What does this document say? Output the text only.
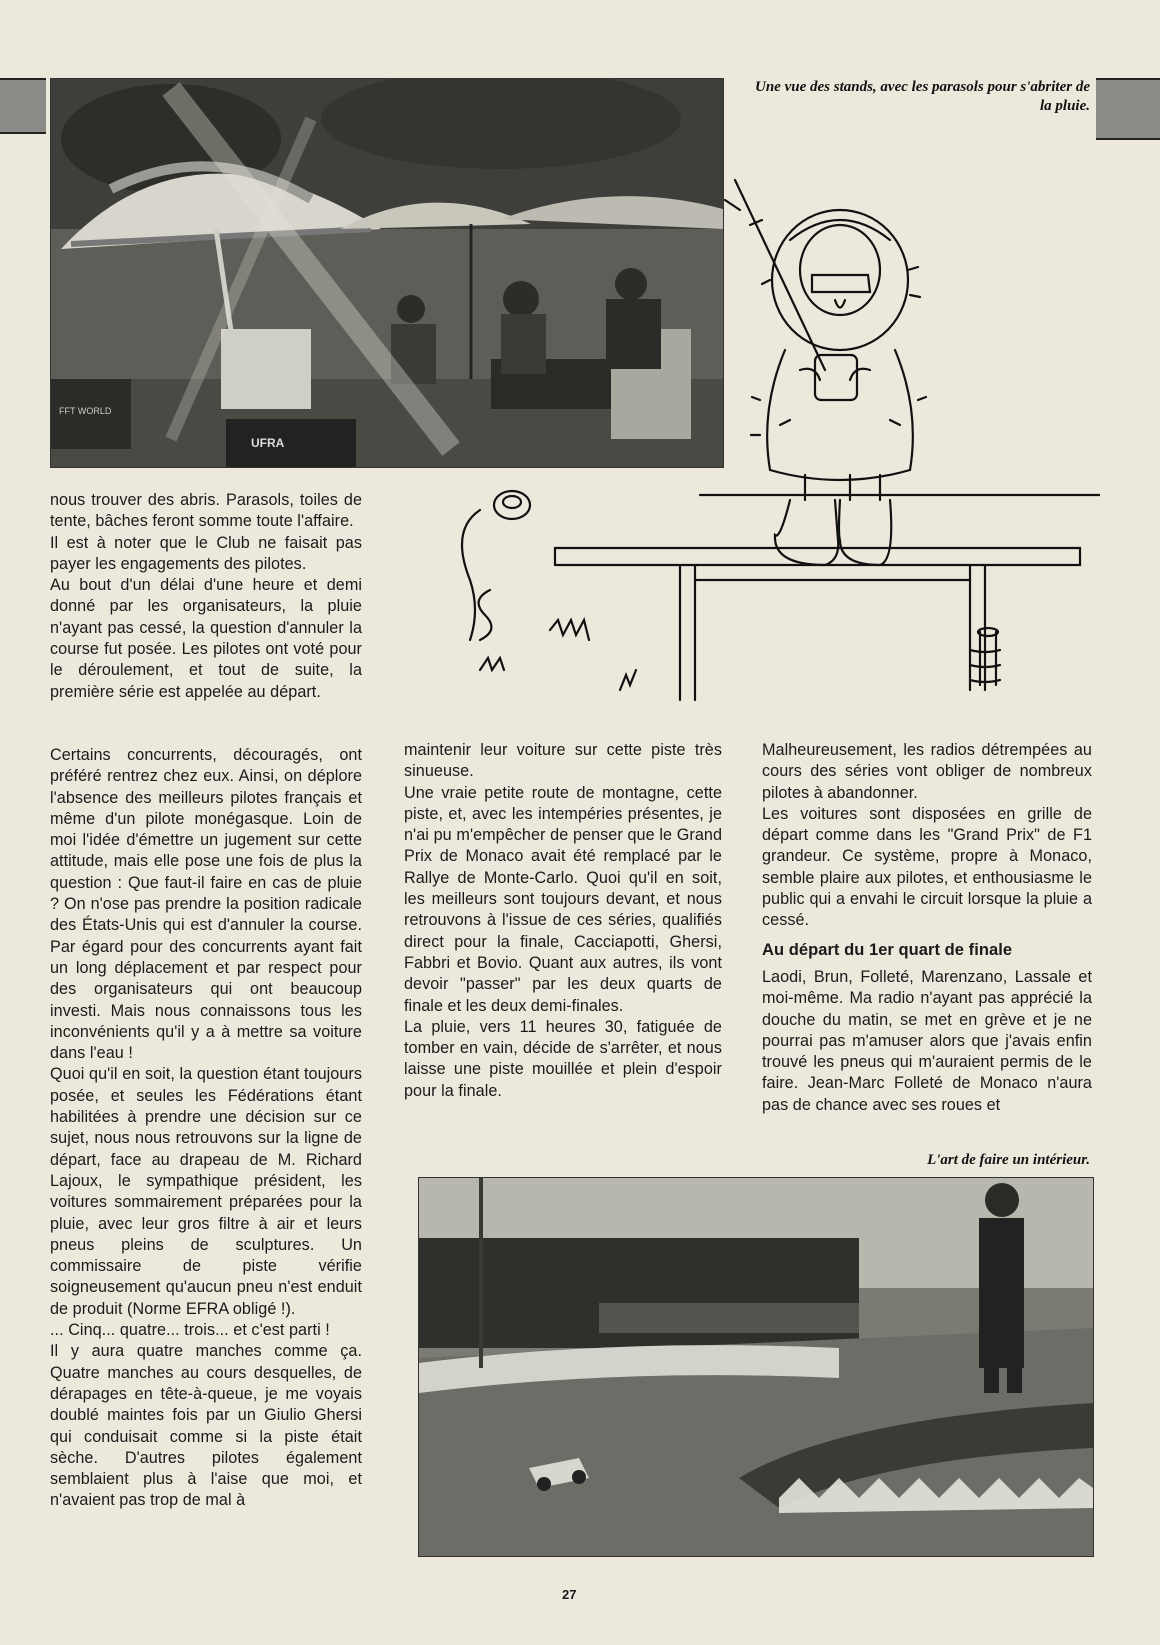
UFRA
FFT WORLD
Une vue des stands, avec les parasols pour s'abriter de la pluie.

nous trouver des abris. Parasols, toiles de tente, bâches feront somme toute l'affaire.

Il est à noter que le Club ne faisait pas payer les engagements des pilotes.

Au bout d'un délai d'une heure et demi donné par les organisateurs, la pluie n'ayant pas cessé, la question d'annuler la course fut posée. Les pilotes ont voté pour le déroulement, et tout de suite, la première série est appelée au départ.

Certains concurrents, découragés, ont préféré rentrez chez eux. Ainsi, on déplore l'absence des meilleurs pilotes français et même d'un pilote monégasque. Loin de moi l'idée d'émettre un jugement sur cette attitude, mais elle pose une fois de plus la question : Que faut-il faire en cas de pluie ? On n'ose pas prendre la position radicale des États-Unis qui est d'annuler la course. Par égard pour des concurrents ayant fait un long déplacement et par respect pour des organisateurs qui ont beaucoup investi. Mais nous connaissons tous les inconvénients qu'il y a à mettre sa voiture dans l'eau !

Quoi qu'il en soit, la question étant toujours posée, et seules les Fédérations étant habilitées à prendre une décision sur ce sujet, nous nous retrouvons sur la ligne de départ, face au drapeau de M. Richard Lajoux, le sympathique président, les voitures sommairement préparées pour la pluie, avec leur gros filtre à air et leurs pneus pleins de sculptures. Un commissaire de piste vérifie soigneusement qu'aucun pneu n'est enduit de produit (Norme EFRA obligé !).

... Cinq... quatre... trois... et c'est parti !

Il y aura quatre manches comme ça. Quatre manches au cours desquelles, de dérapages en tête-à-queue, je me voyais doublé maintes fois par un Giulio Ghersi qui conduisait comme si la piste était sèche. D'autres pilotes également semblaient plus à l'aise que moi, et n'avaient pas trop de mal à

maintenir leur voiture sur cette piste très sinueuse.

Une vraie petite route de montagne, cette piste, et, avec les intempéries présentes, je n'ai pu m'empêcher de penser que le Grand Prix de Monaco avait été remplacé par le Rallye de Monte-Carlo. Quoi qu'il en soit, les meilleurs sont toujours devant, et nous retrouvons à l'issue de ces séries, qualifiés direct pour la finale, Cacciapotti, Ghersi, Fabbri et Bovio. Quant aux autres, ils vont devoir "passer" par les deux quarts de finale et les deux demi-finales.

La pluie, vers 11 heures 30, fatiguée de tomber en vain, décide de s'arrêter, et nous laisse une piste mouillée et plein d'espoir pour la finale.

Malheureusement, les radios détrempées au cours des séries vont obliger de nombreux pilotes à abandonner.

Les voitures sont disposées en grille de départ comme dans les "Grand Prix" de F1 grandeur. Ce système, propre à Monaco, semble plaire aux pilotes, et enthousiasme le public qui a envahi le circuit lorsque la pluie a cessé.

Au départ du 1er quart de finale

Laodi, Brun, Folleté, Marenzano, Lassale et moi-même. Ma radio n'ayant pas apprécié la douche du matin, se met en grève et je ne pourrai pas m'amuser alors que j'avais enfin trouvé les pneus qui m'auraient permis de le faire. Jean-Marc Folleté de Monaco n'aura pas de chance avec ses roues et

L'art de faire un intérieur.
27
